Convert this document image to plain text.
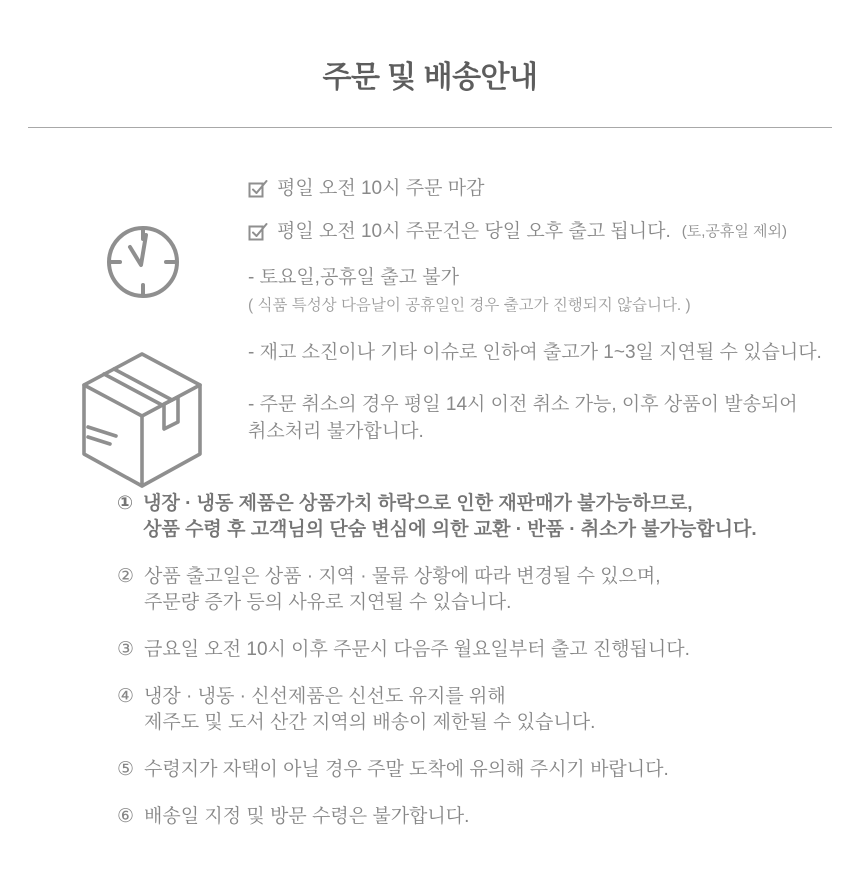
주문 및 배송안내
평일 오전 10시 주문 마감
평일 오전 10시 주문건은 당일 오후 출고 됩니다. (토,공휴일 제외)
- 토요일,공휴일 출고 불가
( 식품 특성상 다음날이 공휴일인 경우 출고가 진행되지 않습니다. )
- 재고 소진이나 기타 이슈로 인하여 출고가 1~3일 지연될 수 있습니다.
- 주문 취소의 경우 평일 14시 이전 취소 가능, 이후 상품이 발송되어
취소처리 불가합니다.
① 냉장 · 냉동 제품은 상품가치 하락으로 인한 재판매가 불가능하므로,
상품 수령 후 고객님의 단숨 변심에 의한 교환 · 반품 · 취소가 불가능합니다.
② 상품 출고일은 상품 · 지역 · 물류 상황에 따라 변경될 수 있으며,
주문량 증가 등의 사유로 지연될 수 있습니다.
③ 금요일 오전 10시 이후 주문시 다음주 월요일부터 출고 진행됩니다.
④ 냉장 · 냉동 · 신선제품은 신선도 유지를 위해
제주도 및 도서 산간 지역의 배송이 제한될 수 있습니다.
⑤ 수령지가 자택이 아닐 경우 주말 도착에 유의해 주시기 바랍니다.
⑥ 배송일 지정 및 방문 수령은 불가합니다.
